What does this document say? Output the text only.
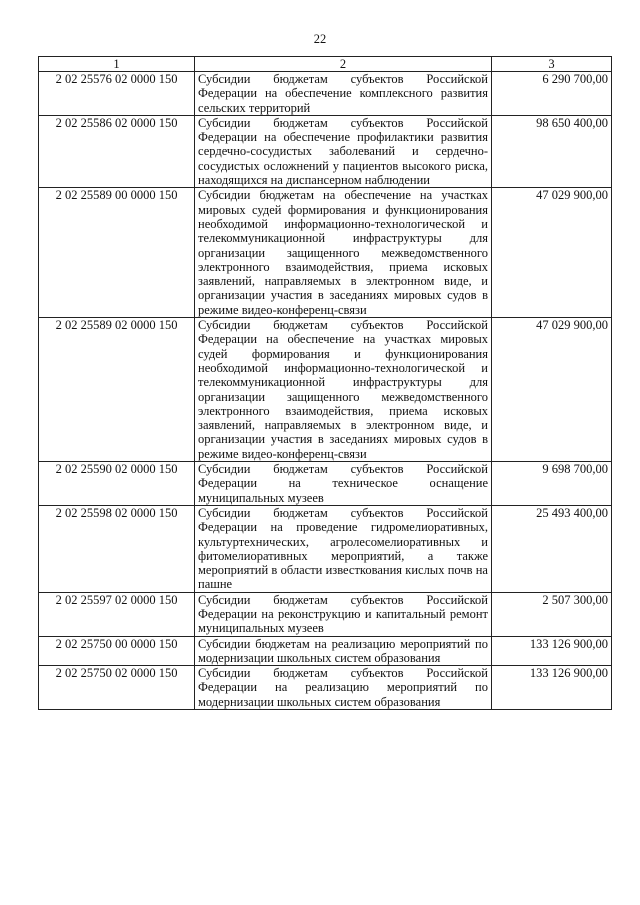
22
1	2	3
2 02 25576 02 0000 150	Субсидии бюджетам субъектов Российской Федерации на обеспечение комплексного развития сельских территорий	6 290 700,00
2 02 25586 02 0000 150	Субсидии бюджетам субъектов Российской Федерации на обеспечение профилактики развития сердечно-сосудистых заболеваний и сердечно-сосудистых осложнений у пациентов высокого риска, находящихся на диспансерном наблюдении	98 650 400,00
2 02 25589 00 0000 150	Субсидии бюджетам на обеспечение на участках мировых судей формирования и функционирования необходимой информационно-технологической и телекоммуникационной инфраструктуры для организации защищенного межведомственного электронного взаимодействия, приема исковых заявлений, направляемых в электронном виде, и организации участия в заседаниях мировых судов в режиме видео-конференц-связи	47 029 900,00
2 02 25589 02 0000 150	Субсидии бюджетам субъектов Российской Федерации на обеспечение на участках мировых судей формирования и функционирования необходимой информационно-технологической и телекоммуникационной инфраструктуры для организации защищенного межведомственного электронного взаимодействия, приема исковых заявлений, направляемых в электронном виде, и организации участия в заседаниях мировых судов в режиме видео-конференц-связи	47 029 900,00
2 02 25590 02 0000 150	Субсидии бюджетам субъектов Российской Федерации на техническое оснащение муниципальных музеев	9 698 700,00
2 02 25598 02 0000 150	Субсидии бюджетам субъектов Российской Федерации на проведение гидромелиоративных, культуртехнических, агролесомелиоративных и фитомелиоративных мероприятий, а также мероприятий в области известкования кислых почв на пашне	25 493 400,00
2 02 25597 02 0000 150	Субсидии бюджетам субъектов Российской Федерации на реконструкцию и капитальный ремонт муниципальных музеев	2 507 300,00
2 02 25750 00 0000 150	Субсидии бюджетам на реализацию мероприятий по модернизации школьных систем образования	133 126 900,00
2 02 25750 02 0000 150	Субсидии бюджетам субъектов Российской Федерации на реализацию мероприятий по модернизации школьных систем образования	133 126 900,00
